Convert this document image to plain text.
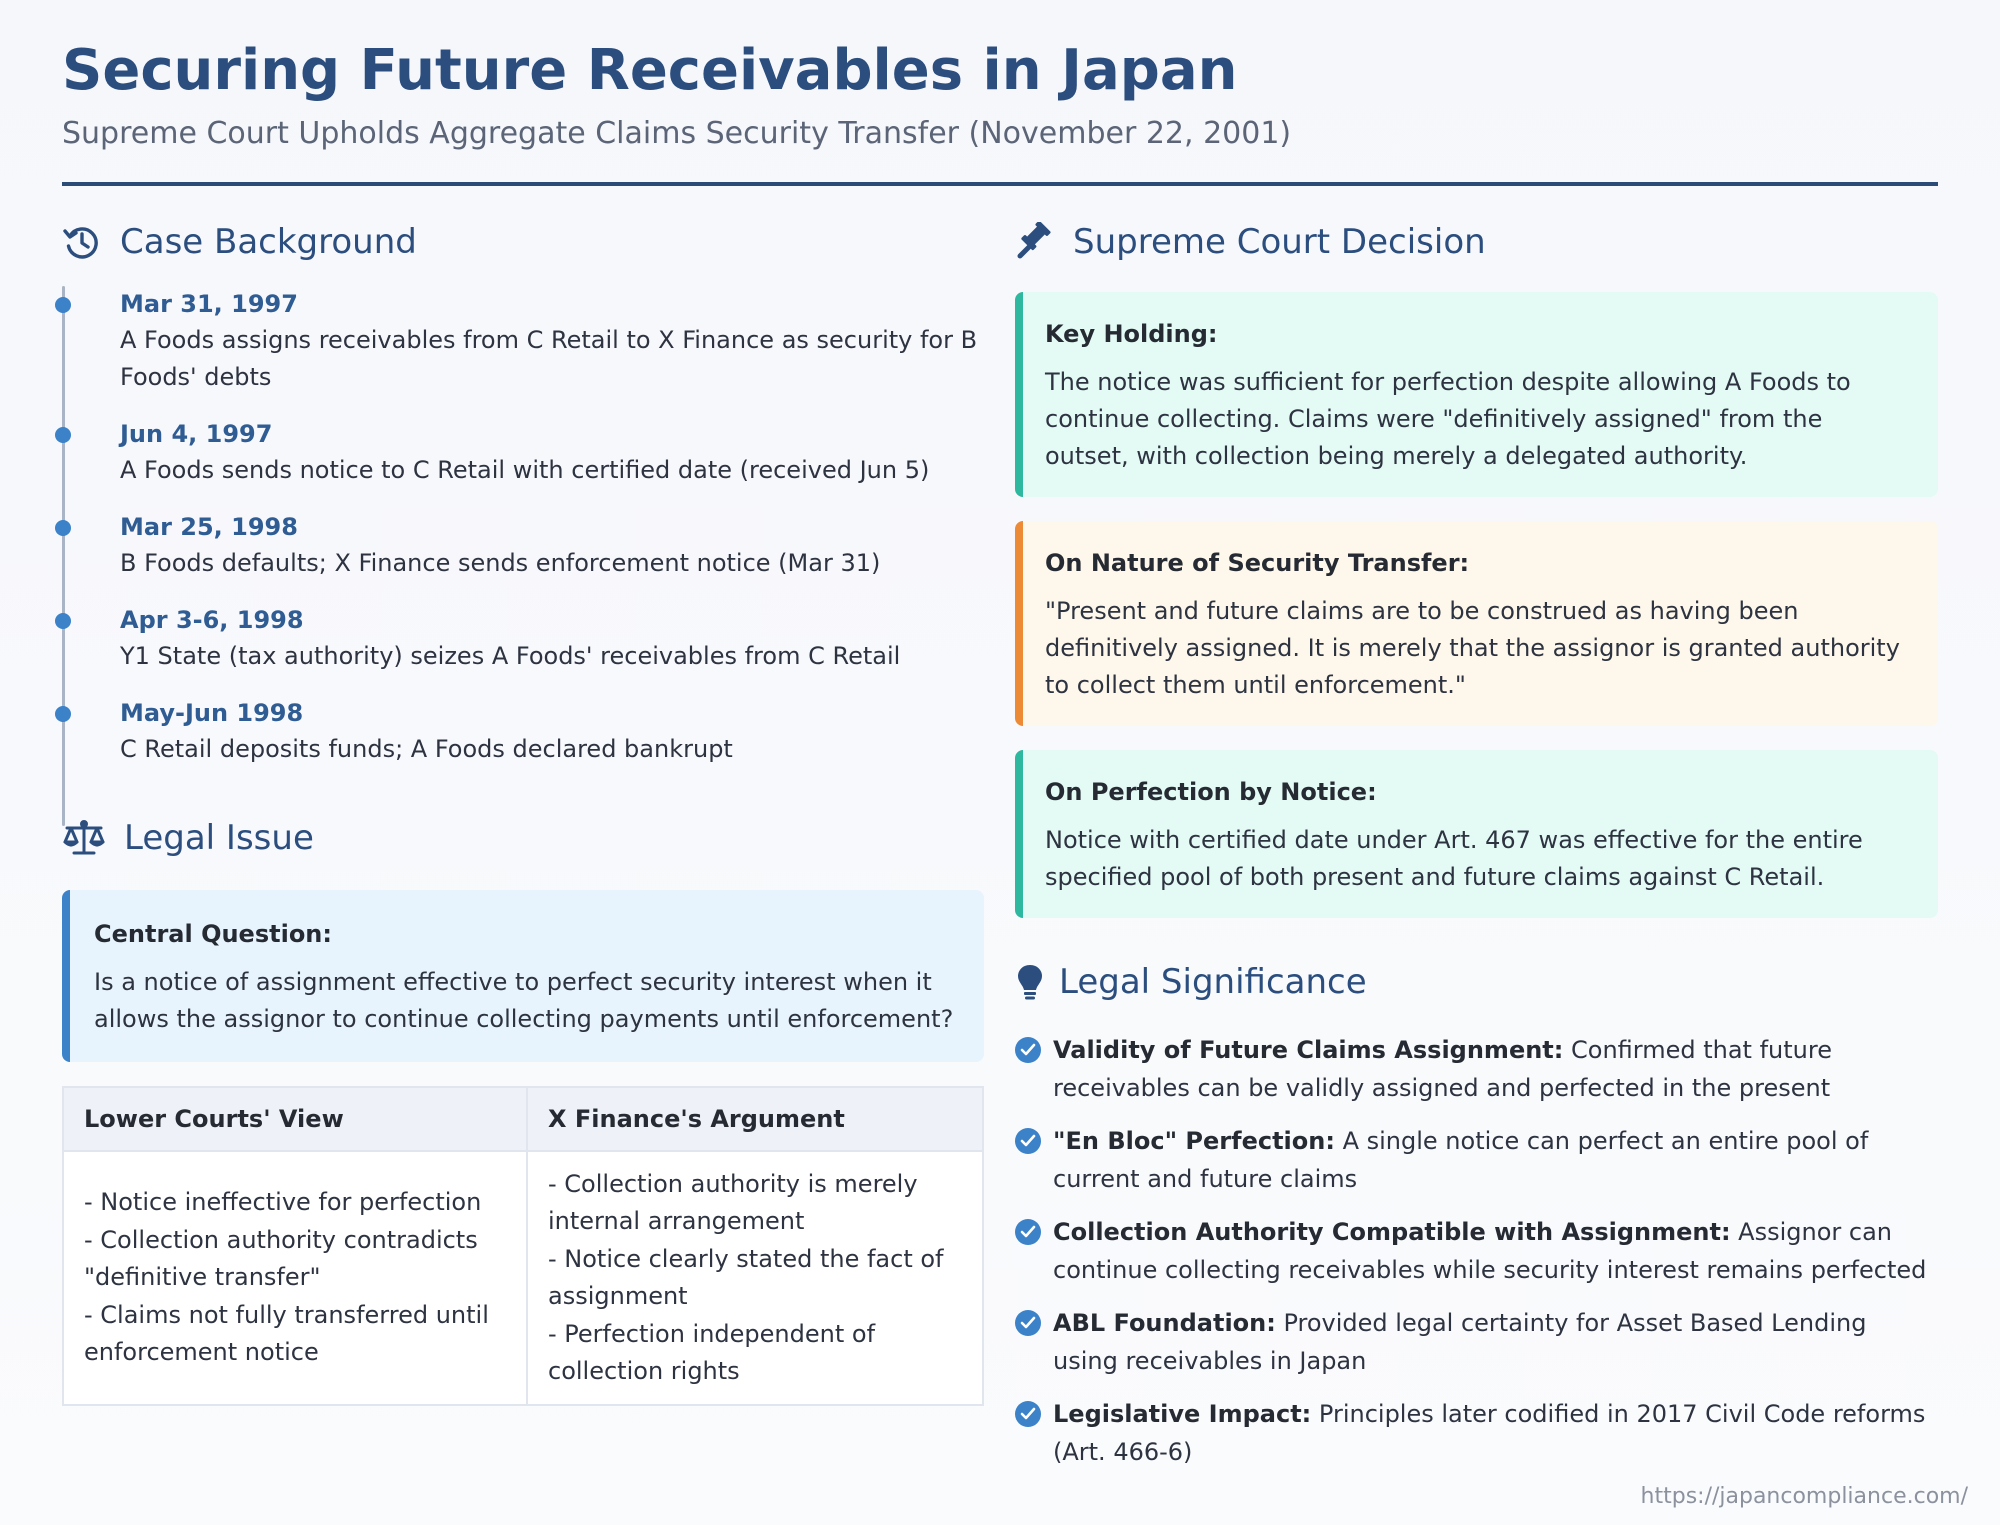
Securing Future Receivables in Japan
Supreme Court Upholds Aggregate Claims Security Transfer (November 22, 2001)
Case Background
Mar 31, 1997
A Foods assigns receivables from C Retail to X Finance as security for B Foods' debts
Jun 4, 1997
A Foods sends notice to C Retail with certified date (received Jun 5)
Mar 25, 1998
B Foods defaults; X Finance sends enforcement notice (Mar 31)
Apr 3-6, 1998
Y1 State (tax authority) seizes A Foods' receivables from C Retail
May-Jun 1998
C Retail deposits funds; A Foods declared bankrupt
Legal Issue
Central Question:
Is a notice of assignment effective to perfect security interest when it allows the assignor to continue collecting payments until enforcement?
Lower Courts' View	X Finance's Argument
- Notice ineffective for perfection
- Collection authority contradicts "definitive transfer"
- Claims not fully transferred until enforcement notice
- Collection authority is merely internal arrangement
- Notice clearly stated the fact of assignment
- Perfection independent of collection rights
Supreme Court Decision
Key Holding:
The notice was sufficient for perfection despite allowing A Foods to continue collecting. Claims were "definitively assigned" from the outset, with collection being merely a delegated authority.
On Nature of Security Transfer:
"Present and future claims are to be construed as having been definitively assigned. It is merely that the assignor is granted authority to collect them until enforcement."
On Perfection by Notice:
Notice with certified date under Art. 467 was effective for the entire specified pool of both present and future claims against C Retail.
Legal Significance
Validity of Future Claims Assignment: Confirmed that future receivables can be validly assigned and perfected in the present
"En Bloc" Perfection: A single notice can perfect an entire pool of current and future claims
Collection Authority Compatible with Assignment: Assignor can continue collecting receivables while security interest remains perfected
ABL Foundation: Provided legal certainty for Asset Based Lending using receivables in Japan
Legislative Impact: Principles later codified in 2017 Civil Code reforms (Art. 466-6)
https://japancompliance.com/
